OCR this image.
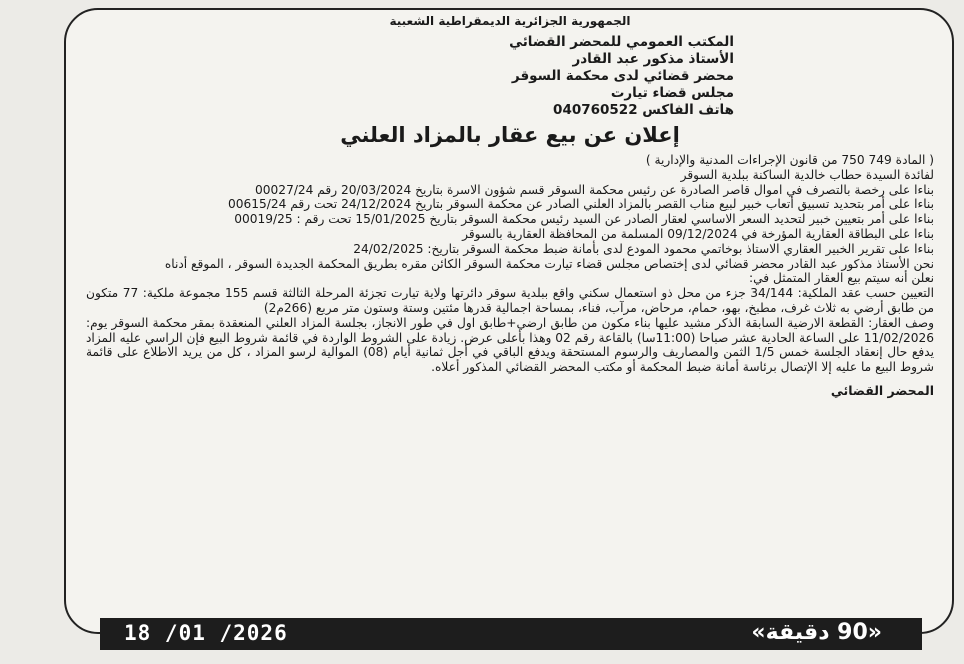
الجمهورية الجزائرية الديمقراطية الشعبية
المكتب العمومي للمحضر القضائي
الأستاذ مذكور عبد القادر
محضر قضائي لدى محكمة السوقر
مجلس قضاء تيارت
هاتف الفاكس 040760522
إعلان عن بيع عقار بالمزاد العلني

( المادة 749 750 من قانون الإجراءات المدنية والإدارية )

لفائدة السيدة حطاب خالدية الساكنة ببلدية السوقر

بناءا على رخصة بالتصرف في اموال قاصر الصادرة عن رئيس محكمة السوقر قسم شؤون الاسرة بتاريخ 20/03/2024 رقم 00027/24

بناءا على أمر بتحديد تسبيق أتعاب خبير لبيع مناب القصر بالمزاد العلني الصادر عن محكمة السوقر بتاريخ 24/12/2024 تحت رقم 00615/24

بناءا على أمر بتعيين خبير لتحديد السعر الاساسي لعقار الصادر عن السيد رئيس محكمة السوقر بتاريخ 15/01/2025 تحت رقم : 00019/25

بناءا على البطاقة العقارية المؤرخة في 09/12/2024 المسلمة من المحافظة العقارية بالسوقر

بناءا على تقرير الخبير العقاري الاستاذ بوخاتمي محمود المودع لدى بأمانة ضبط محكمة السوقر بتاريخ: 24/02/2025

نحن الأستاذ مذكور عبد القادر محضر قضائي لدى إختصاص مجلس قضاء تيارت محكمة السوقر الكائن مقره بطريق المحكمة الجديدة السوقر ، الموقع أدناه

نعلن أنه سيتم بيع العقار المتمثل في:

التعيين حسب عقد الملكية: 34/144 جزء من محل ذو استعمال سكني واقع ببلدية سوقر دائرتها ولاية تيارت تجزئة المرحلة الثالثة قسم 155 مجموعة ملكية: 77 متكون من طابق أرضي به ثلاث غرف، مطبخ، بهو، حمام، مرحاض، مرآب، فناء، بمساحة اجمالية قدرها مئتين وستة وستون متر مربع (266م2)

وصف العقار: القطعة الارضية السابقة الذكر مشيد عليها بناء مكون من طابق ارضي+طابق اول في طور الانجاز، بجلسة المزاد العلني المنعقدة بمقر محكمة السوقر يوم: 11/02/2026 على الساعة الحادية عشر صباحا (11:00سا) بالقاعة رقم 02 وهذا بأعلى عرض. زيادة على الشروط الواردة في قائمة شروط البيع فإن الراسي عليه المزاد يدفع حال إنعقاد الجلسة خمس 1/5 الثمن والمصاريف والرسوم المستحقة ويدفع الباقي في أجل ثمانية أيام (08) الموالية لرسو المزاد ، كل من يريد الاطلاع على قائمة شروط البيع ما عليه إلا الإتصال برئاسة أمانة ضبط المحكمة أو مكتب المحضر القضائي المذكور أعلاه.

المحضر القضائي
18 /01 /2026	«90 دقيقة»
